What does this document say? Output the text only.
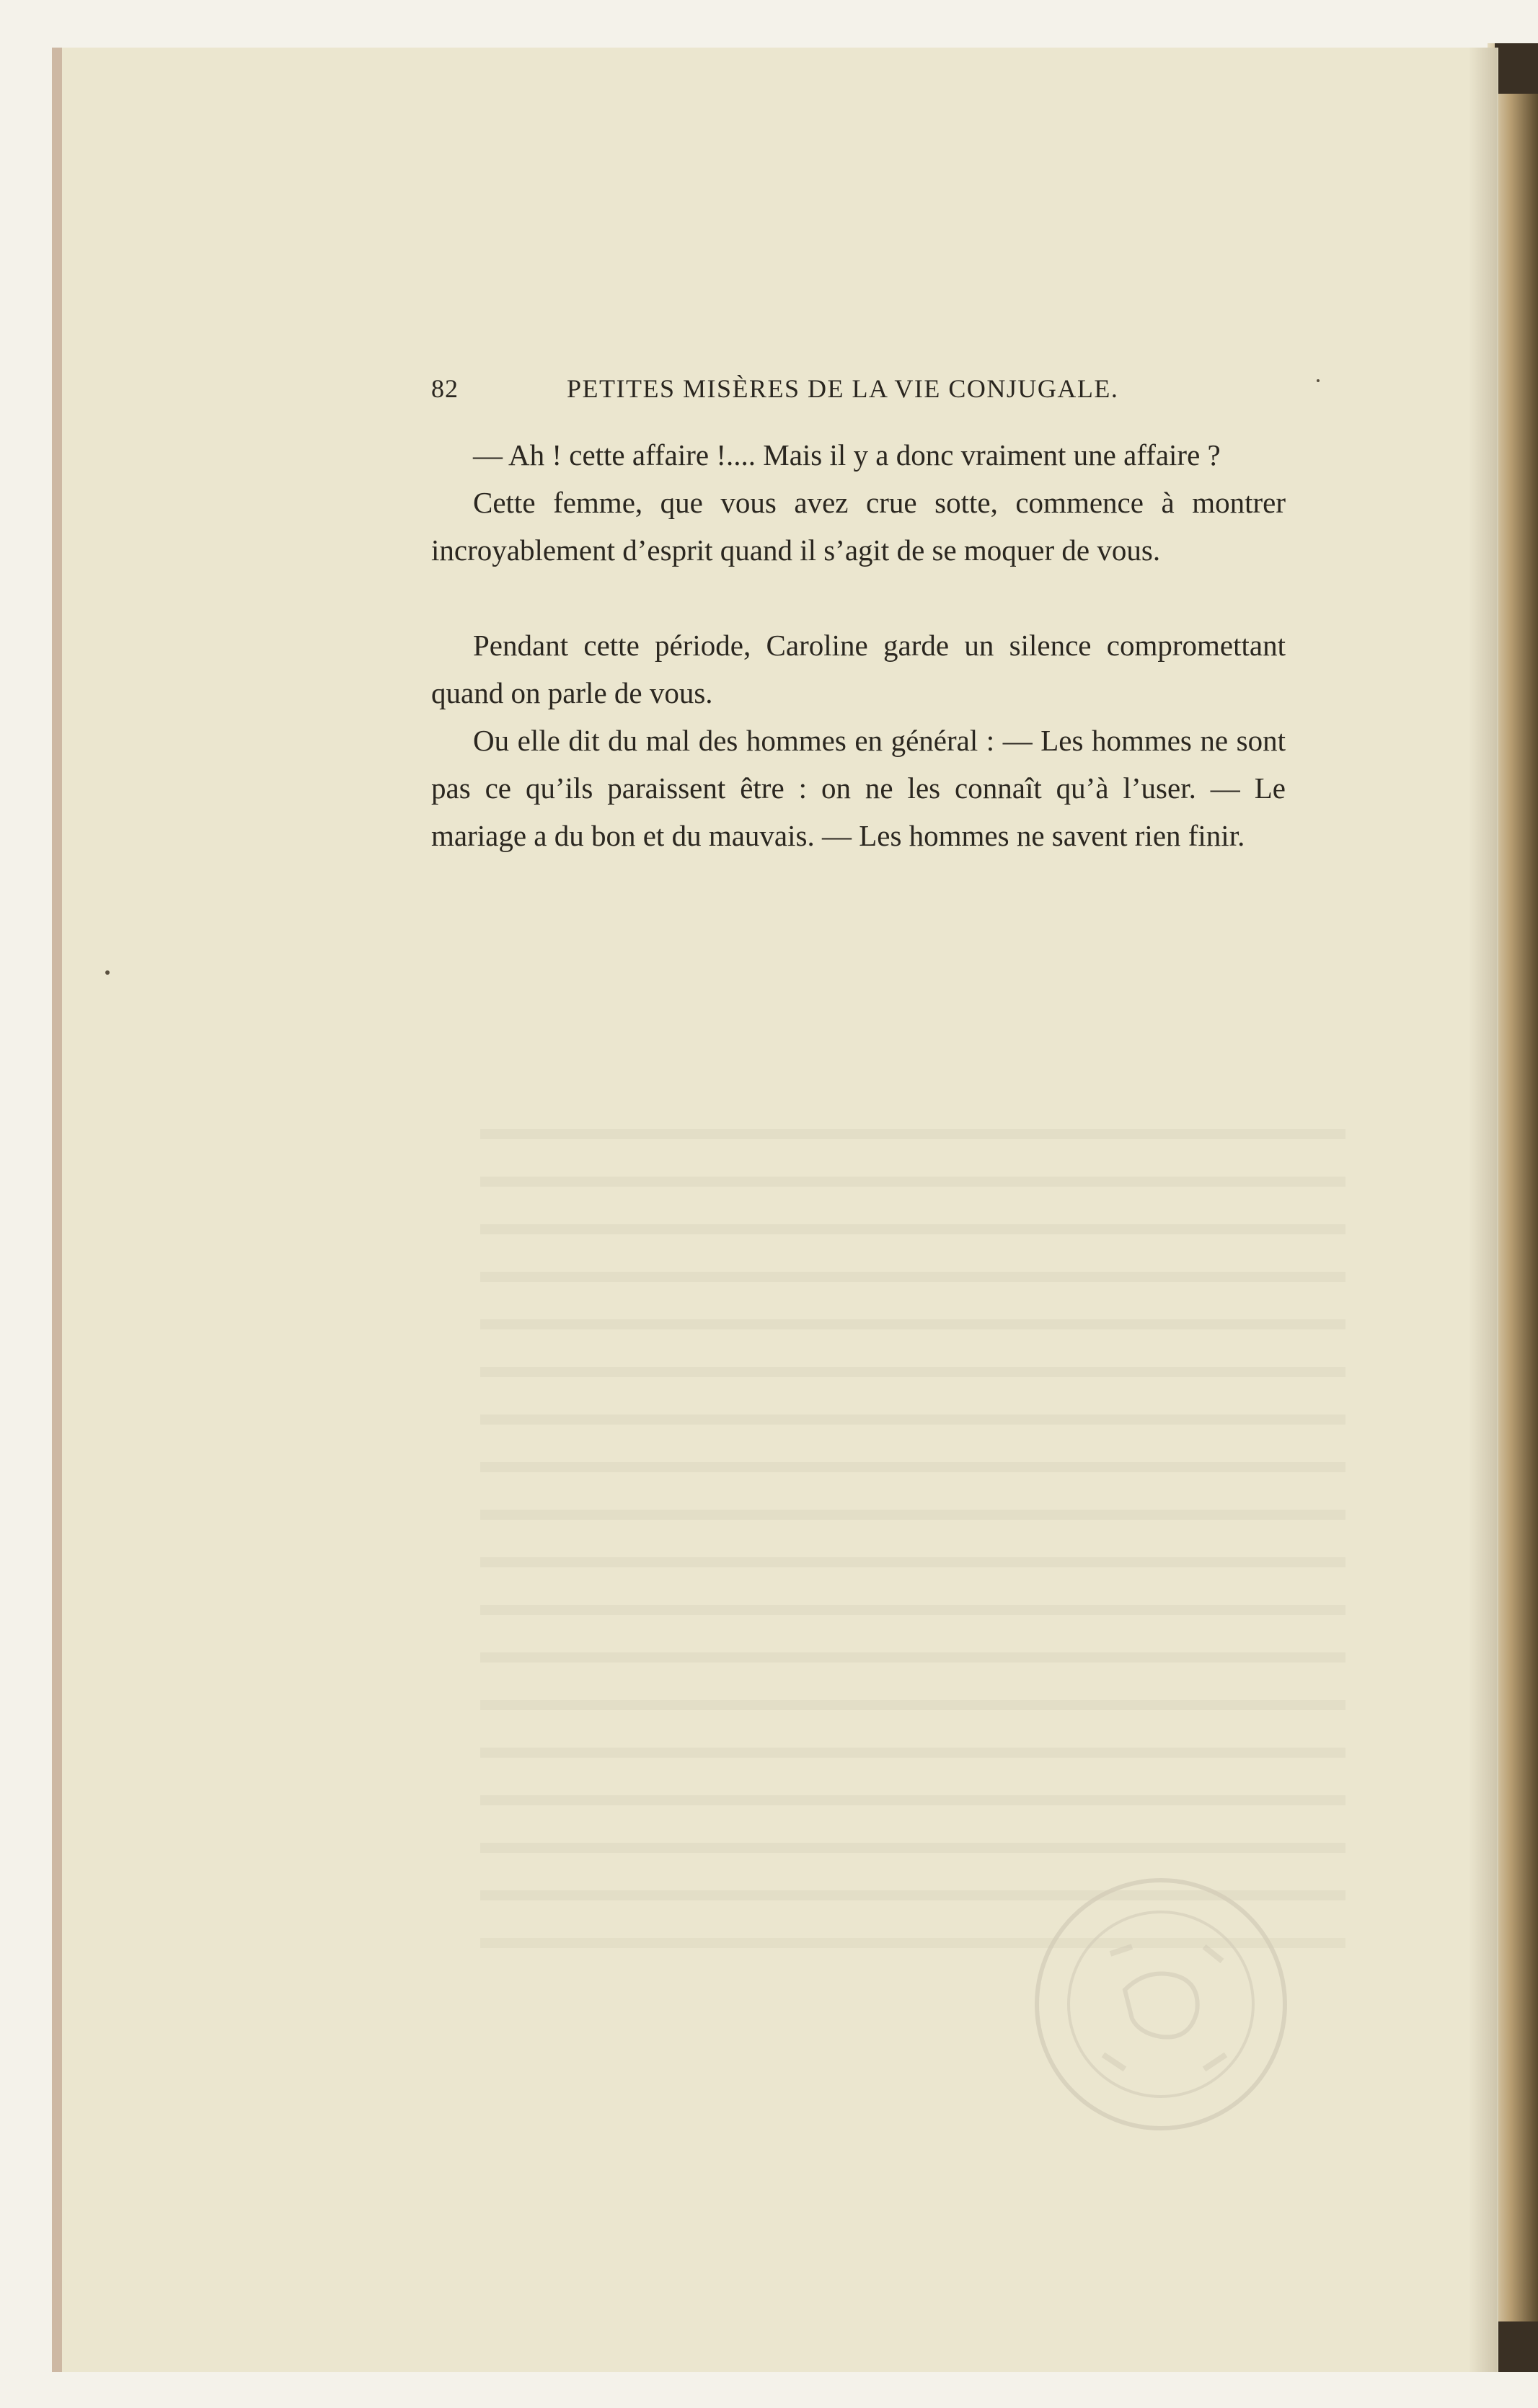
82	PETITES MISÈRES DE LA VIE CONJUGALE.

— Ah ! cette affaire !.... Mais il y a donc vraiment une affaire ?

Cette femme, que vous avez crue sotte, commence à montrer incroyablement d’esprit quand il s’agit de se moquer de vous.

Pendant cette période, Caroline garde un silence compromettant quand on parle de vous.

Ou elle dit du mal des hommes en général : — Les hommes ne sont pas ce qu’ils paraissent être : on ne les connaît qu’à l’user. — Le mariage a du bon et du mauvais. — Les hommes ne savent rien finir.
